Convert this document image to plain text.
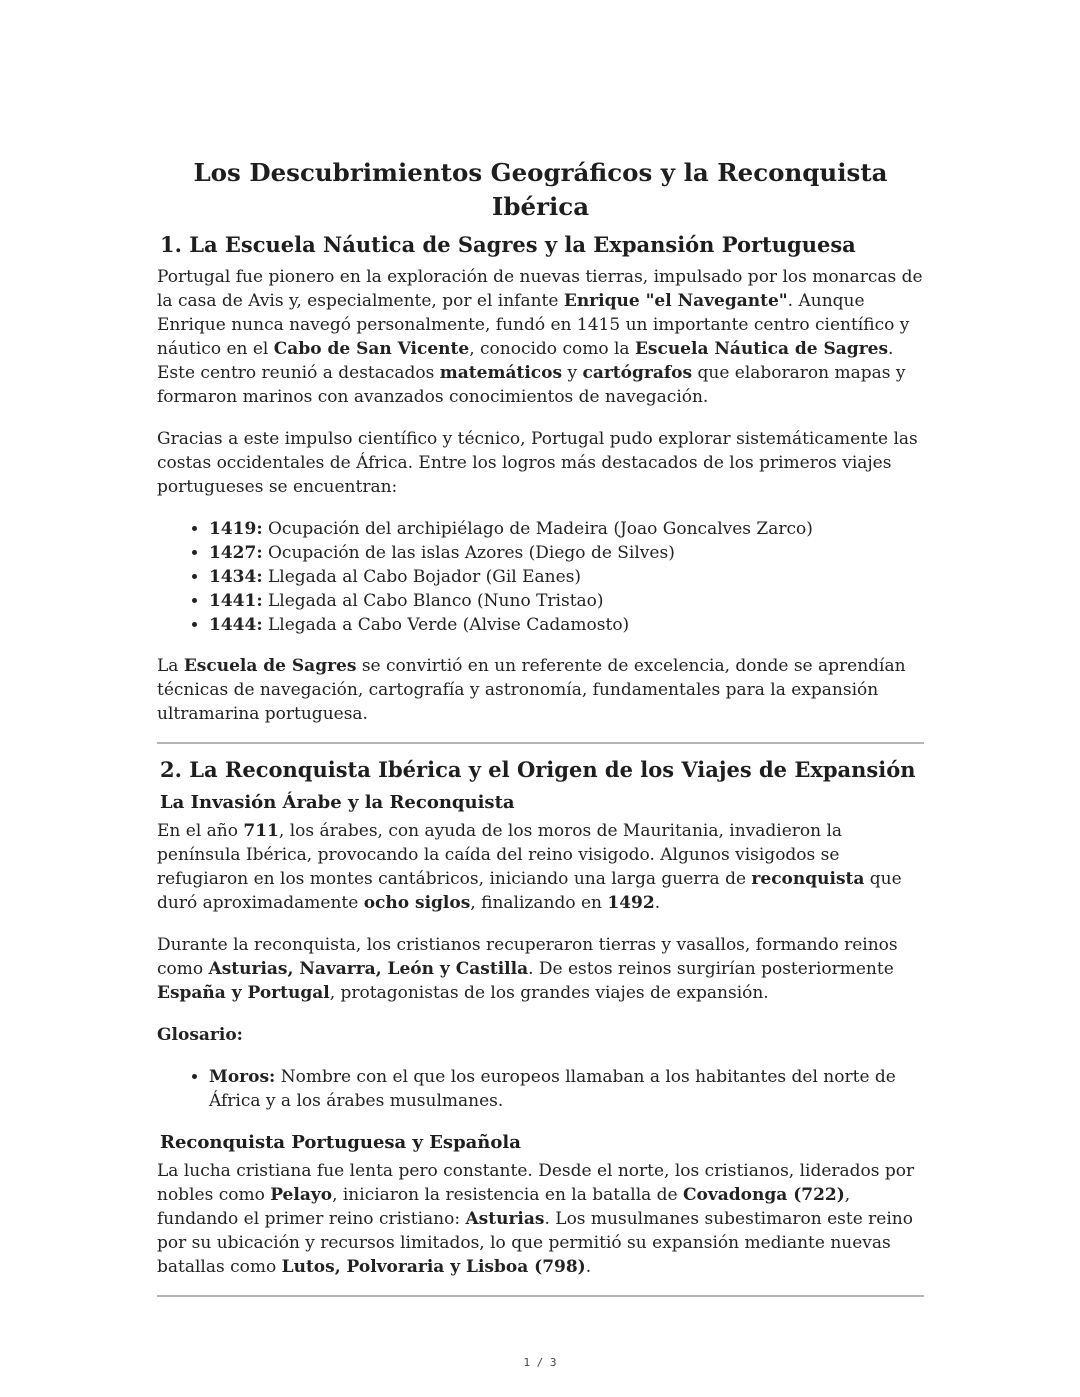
Los Descubrimientos Geográficos y la Reconquista Ibérica
1. La Escuela Náutica de Sagres y la Expansión Portuguesa

Portugal fue pionero en la exploración de nuevas tierras, impulsado por los monarcas de la casa de Avis y, especialmente, por el infante Enrique "el Navegante". Aunque Enrique nunca navegó personalmente, fundó en 1415 un importante centro científico y náutico en el Cabo de San Vicente, conocido como la Escuela Náutica de Sagres. Este centro reunió a destacados matemáticos y cartógrafos que elaboraron mapas y formaron marinos con avanzados conocimientos de navegación.

Gracias a este impulso científico y técnico, Portugal pudo explorar sistemáticamente las costas occidentales de África. Entre los logros más destacados de los primeros viajes portugueses se encuentran:

• 1419: Ocupación del archipiélago de Madeira (Joao Goncalves Zarco)
• 1427: Ocupación de las islas Azores (Diego de Silves)
• 1434: Llegada al Cabo Bojador (Gil Eanes)
• 1441: Llegada al Cabo Blanco (Nuno Tristao)
• 1444: Llegada a Cabo Verde (Alvise Cadamosto)

La Escuela de Sagres se convirtió en un referente de excelencia, donde se aprendían técnicas de navegación, cartografía y astronomía, fundamentales para la expansión ultramarina portuguesa.

2. La Reconquista Ibérica y el Origen de los Viajes de Expansión
La Invasión Árabe y la Reconquista

En el año 711, los árabes, con ayuda de los moros de Mauritania, invadieron la península Ibérica, provocando la caída del reino visigodo. Algunos visigodos se refugiaron en los montes cantábricos, iniciando una larga guerra de reconquista que duró aproximadamente ocho siglos, finalizando en 1492.

Durante la reconquista, los cristianos recuperaron tierras y vasallos, formando reinos como Asturias, Navarra, León y Castilla. De estos reinos surgirían posteriormente España y Portugal, protagonistas de los grandes viajes de expansión.

Glosario:

• Moros: Nombre con el que los europeos llamaban a los habitantes del norte de África y a los árabes musulmanes.
Reconquista Portuguesa y Española

La lucha cristiana fue lenta pero constante. Desde el norte, los cristianos, liderados por nobles como Pelayo, iniciaron la resistencia en la batalla de Covadonga (722), fundando el primer reino cristiano: Asturias. Los musulmanes subestimaron este reino por su ubicación y recursos limitados, lo que permitió su expansión mediante nuevas batallas como Lutos, Polvoraria y Lisboa (798).

1 / 3
